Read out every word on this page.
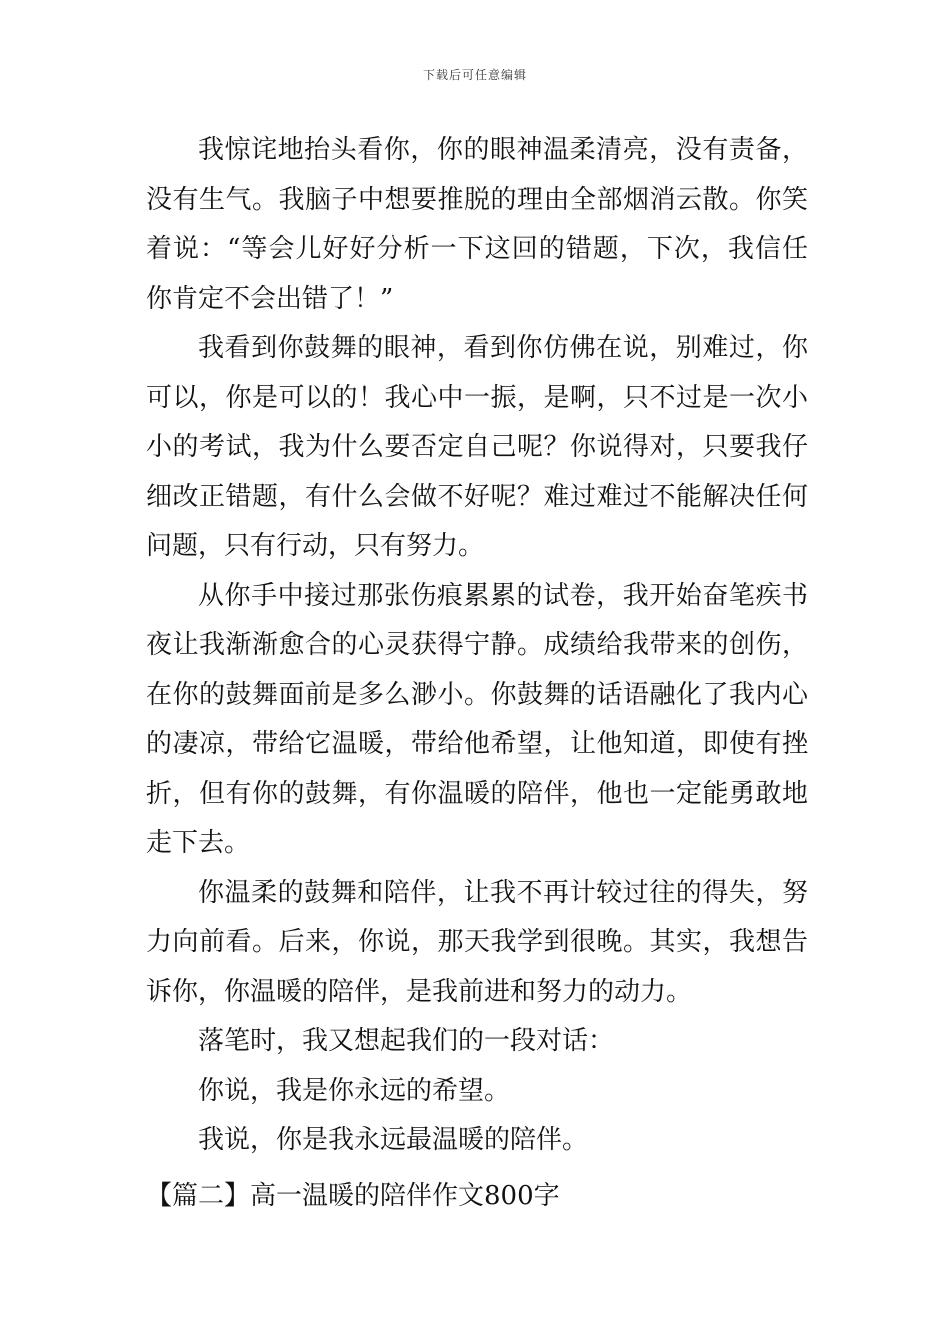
下载后可任意编辑

我惊诧地抬头看你，你的眼神温柔清亮，没有责备，没有生气。我脑子中想要推脱的理由全部烟消云散。你笑着说：“等会儿好好分析一下这回的错题，下次，我信任你肯定不会出错了！”

我看到你鼓舞的眼神，看到你仿佛在说，别难过，你可以，你是可以的！我心中一振，是啊，只不过是一次小小的考试，我为什么要否定自己呢？你说得对，只要我仔细改正错题，有什么会做不好呢？难过难过不能解决任何问题，只有行动，只有努力。

从你手中接过那张伤痕累累的试卷，我开始奋笔疾书夜让我渐渐愈合的心灵获得宁静。成绩给我带来的创伤，在你的鼓舞面前是多么渺小。你鼓舞的话语融化了我内心的凄凉，带给它温暖，带给他希望，让他知道，即使有挫折，但有你的鼓舞，有你温暖的陪伴，他也一定能勇敢地走下去。

你温柔的鼓舞和陪伴，让我不再计较过往的得失，努力向前看。后来，你说，那天我学到很晚。其实，我想告诉你，你温暖的陪伴，是我前进和努力的动力。

落笔时，我又想起我们的一段对话：

你说，我是你永远的希望。

我说，你是我永远最温暖的陪伴。

【篇二】高一温暖的陪伴作文800字
